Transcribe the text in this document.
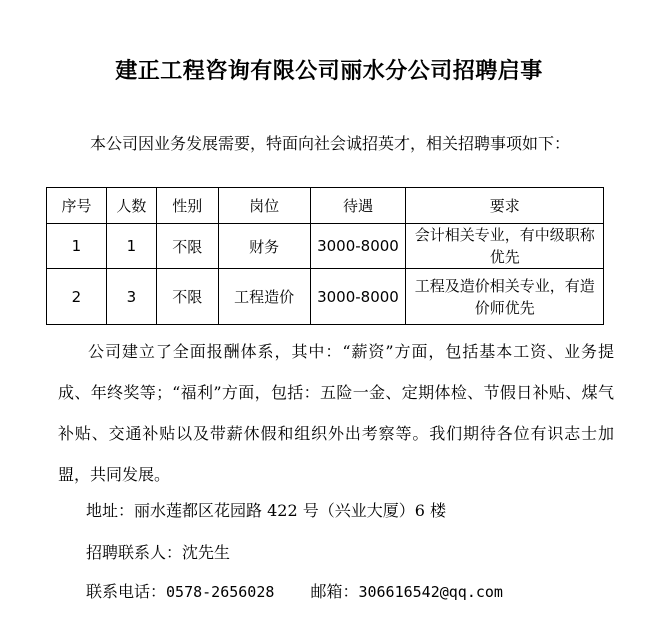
建正工程咨询有限公司丽水分公司招聘启事
本公司因业务发展需要，特面向社会诚招英才，相关招聘事项如下：
序号	人数	性别	岗位	待遇	要求
1	1	不限	财务	3000-8000	会计相关专业，有中级职称优先
2	3	不限	工程造价	3000-8000	工程及造价相关专业，有造价师优先
公司建立了全面报酬体系，其中：“薪资”方面，包括基本工资、业务提成、年终奖等；“福利”方面，包括：五险一金、定期体检、节假日补贴、煤气补贴、交通补贴以及带薪休假和组织外出考察等。我们期待各位有识志士加盟，共同发展。
地址：丽水莲都区花园路 422 号（兴业大厦）6 楼
招聘联系人：沈先生
联系电话：0578-2656028 邮箱：306616542@qq.com
